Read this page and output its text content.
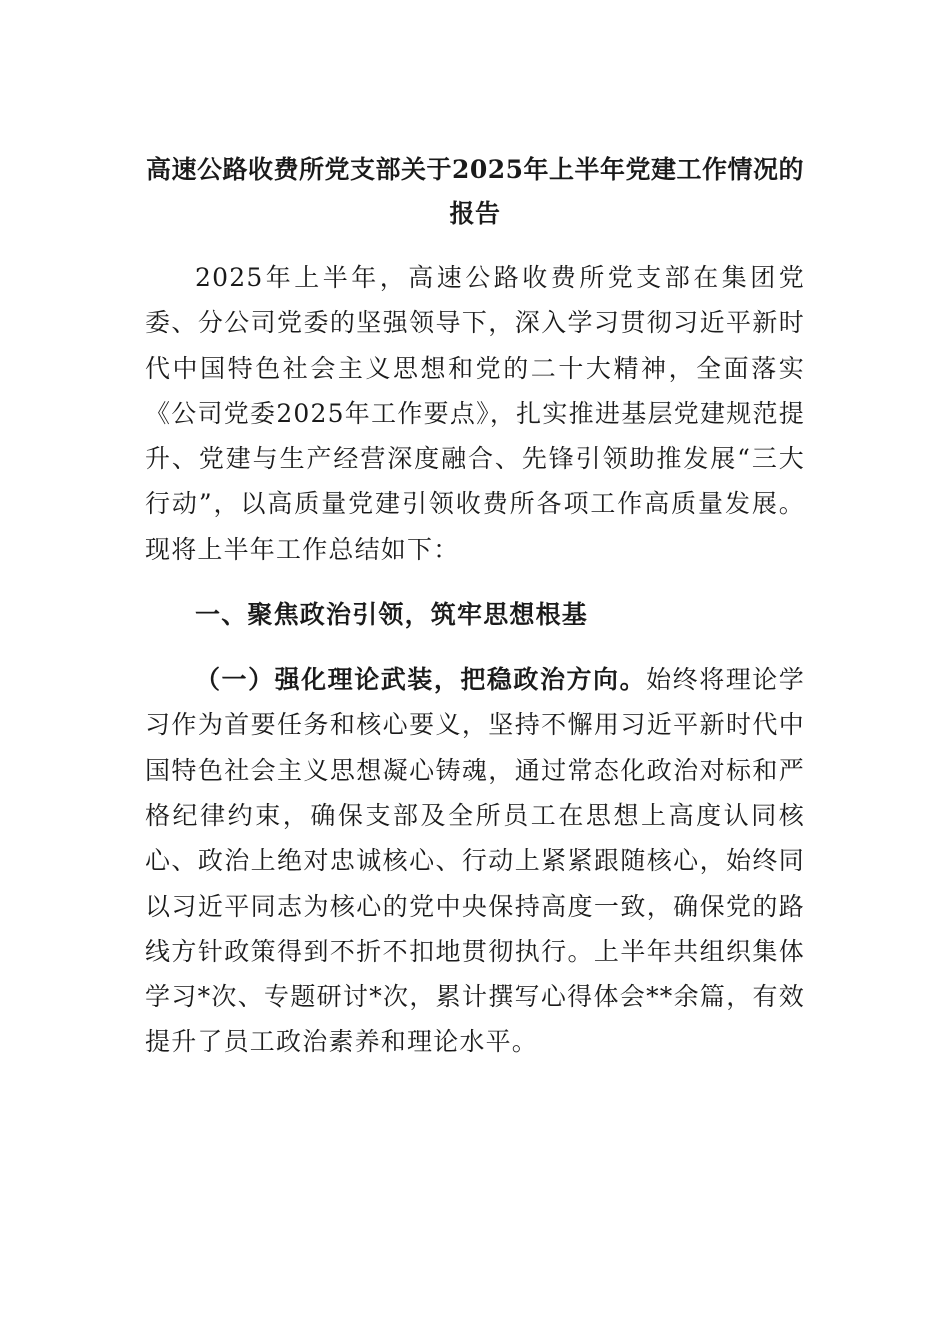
高速公路收费所党支部关于2025年上半年党建工作情况的报告

2025年上半年，高速公路收费所党支部在集团党委、分公司党委的坚强领导下，深入学习贯彻习近平新时代中国特色社会主义思想和党的二十大精神，全面落实《公司党委2025年工作要点》，扎实推进基层党建规范提升、党建与生产经营深度融合、先锋引领助推发展“三大行动”，以高质量党建引领收费所各项工作高质量发展。现将上半年工作总结如下：

一、聚焦政治引领，筑牢思想根基

（一）强化理论武装，把稳政治方向。始终将理论学习作为首要任务和核心要义，坚持不懈用习近平新时代中国特色社会主义思想凝心铸魂，通过常态化政治对标和严格纪律约束，确保支部及全所员工在思想上高度认同核心、政治上绝对忠诚核心、行动上紧紧跟随核心，始终同以习近平同志为核心的党中央保持高度一致，确保党的路线方针政策得到不折不扣地贯彻执行。上半年共组织集体学习*次、专题研讨*次，累计撰写心得体会**余篇，有效提升了员工政治素养和理论水平。
